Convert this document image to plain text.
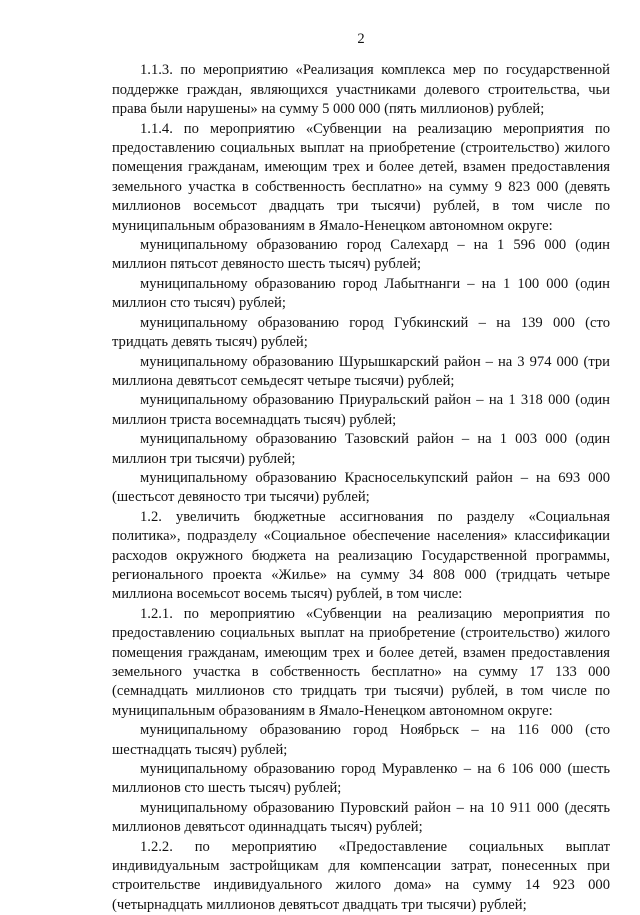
2

1.1.3. по мероприятию «Реализация комплекса мер по государственной поддержке граждан, являющихся участниками долевого строительства, чьи права были нарушены» на сумму 5 000 000 (пять миллионов) рублей;

1.1.4. по мероприятию «Субвенции на реализацию мероприятия по предоставлению социальных выплат на приобретение (строительство) жилого помещения гражданам, имеющим трех и более детей, взамен предоставления земельного участка в собственность бесплатно» на сумму 9 823 000 (девять миллионов восемьсот двадцать три тысячи) рублей, в том числе по муниципальным образованиям в Ямало-Ненецком автономном округе:

муниципальному образованию город Салехард – на 1 596 000 (один миллион пятьсот девяносто шесть тысяч) рублей;

муниципальному образованию город Лабытнанги – на 1 100 000 (один миллион сто тысяч) рублей;

муниципальному образованию город Губкинский – на 139 000 (сто тридцать девять тысяч) рублей;

муниципальному образованию Шурышкарский район – на 3 974 000 (три миллиона девятьсот семьдесят четыре тысячи) рублей;

муниципальному образованию Приуральский район – на 1 318 000 (один миллион триста восемнадцать тысяч) рублей;

муниципальному образованию Тазовский район – на 1 003 000 (один миллион три тысячи) рублей;

муниципальному образованию Красноселькупский район – на 693 000 (шестьсот девяносто три тысячи) рублей;

1.2. увеличить бюджетные ассигнования по разделу «Социальная политика», подразделу «Социальное обеспечение населения» классификации расходов окружного бюджета на реализацию Государственной программы, регионального проекта «Жилье» на сумму 34 808 000 (тридцать четыре миллиона восемьсот восемь тысяч) рублей, в том числе:

1.2.1. по мероприятию «Субвенции на реализацию мероприятия по предоставлению социальных выплат на приобретение (строительство) жилого помещения гражданам, имеющим трех и более детей, взамен предоставления земельного участка в собственность бесплатно» на сумму 17 133 000 (семнадцать миллионов сто тридцать три тысячи) рублей, в том числе по муниципальным образованиям в Ямало-Ненецком автономном округе:

муниципальному образованию город Ноябрьск – на 116 000 (сто шестнадцать тысяч) рублей;

муниципальному образованию город Муравленко – на 6 106 000 (шесть миллионов сто шесть тысяч) рублей;

муниципальному образованию Пуровский район – на 10 911 000 (десять миллионов девятьсот одиннадцать тысяч) рублей;

1.2.2. по мероприятию «Предоставление социальных выплат индивидуальным застройщикам для компенсации затрат, понесенных при строительстве индивидуального жилого дома» на сумму 14 923 000 (четырнадцать миллионов девятьсот двадцать три тысячи) рублей;
